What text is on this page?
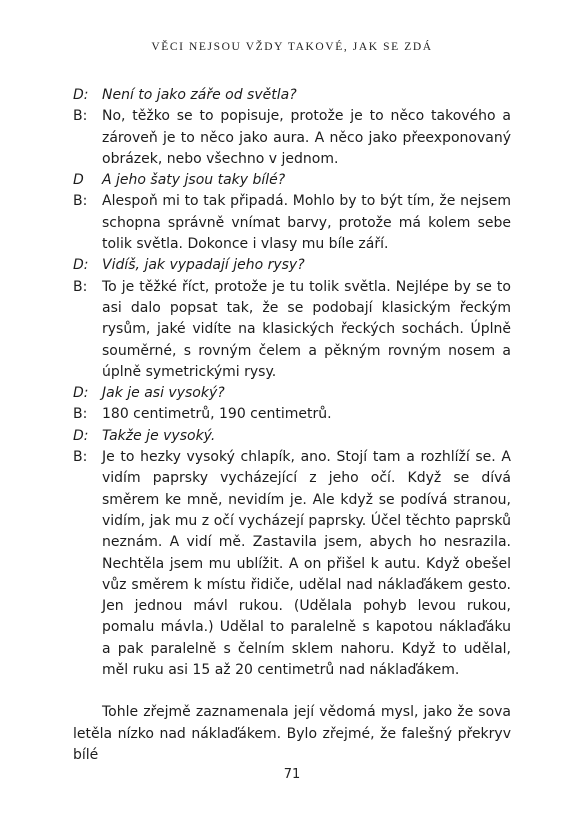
VĚCI NEJSOU VŽDY TAKOVÉ, JAK SE ZDÁ
D: Není to jako záře od světla?
B:	No, těžko se to popisuje, protože je to něco takového a zároveň je to něco jako aura. A něco jako přeexponovaný obrázek, nebo všechno v jednom.
D	A jeho šaty jsou taky bílé?
B:	Alespoň mi to tak připadá. Mohlo by to být tím, že nejsem schopna správně vnímat barvy, protože má kolem sebe tolik světla. Dokonce i vlasy mu bíle září.
D: Vidíš, jak vypadají jeho rysy?
B:	To je těžké říct, protože je tu tolik světla. Nejlépe by se to asi dalo popsat tak, že se podobají klasickým řeckým rysům, jaké vidíte na klasických řeckých sochách. Úplně souměrné, s rovným čelem a pěkným rovným nosem a úplně symetrickými rysy.
D: Jak je asi vysoký?
B:	180 centimetrů, 190 centimetrů.
D: Takže je vysoký.
B:	Je to hezky vysoký chlapík, ano. Stojí tam a rozhlíží se. A vidím paprsky vycházející z jeho očí. Když se dívá směrem ke mně, nevidím je. Ale když se podívá stranou, vidím, jak mu z očí vycházejí paprsky. Účel těchto paprsků neznám. A vidí mě. Zastavila jsem, abych ho nesrazila. Nechtěla jsem mu ublížit. A on přišel k autu. Když obešel vůz směrem k místu řidiče, udělal nad náklaďákem gesto. Jen jednou mávl rukou. (Udělala pohyb levou rukou, pomalu mávla.) Udělal to paralelně s kapotou náklaďáku a pak paralelně s čelním sklem nahoru. Když to udělal, měl ruku asi 15 až 20 centimetrů nad náklaďákem.

Tohle zřejmě zaznamenala její vědomá mysl, jako že sova letěla nízko nad náklaďákem. Bylo zřejmé, že falešný překryv bílé

71
